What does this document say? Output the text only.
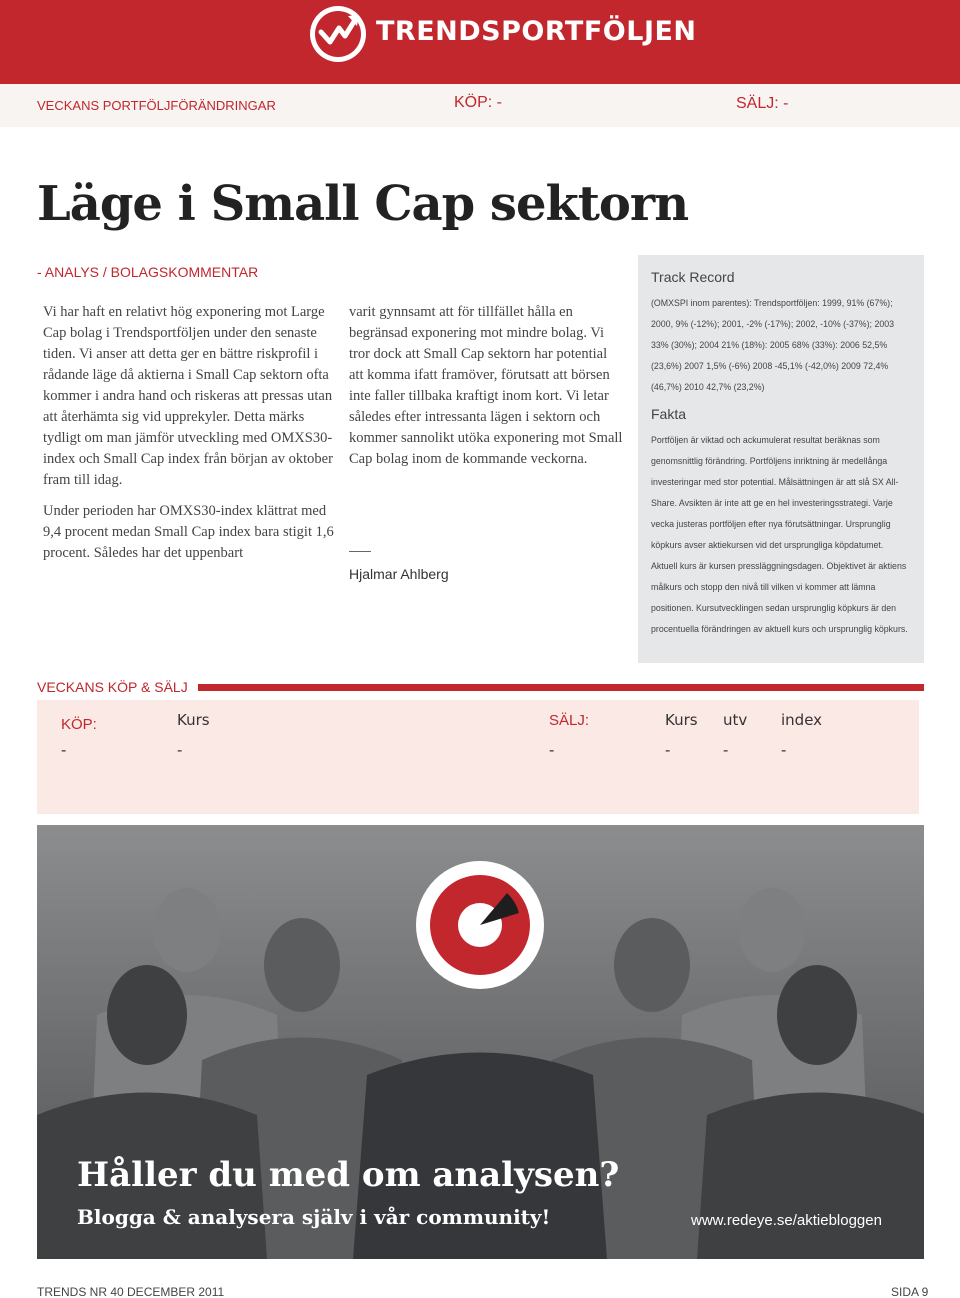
TRENDSPORTFÖLJEN
VECKANS PORTFÖLJFÖRÄNDRINGAR	KÖP: -	SÄLJ: -
Läge i Small Cap sektorn
- ANALYS / BOLAGSKOMMENTAR

Vi har haft en relativt hög exponering mot Large Cap bolag i Trendsportföljen under den senaste tiden. Vi anser att detta ger en bättre riskprofil i rådande läge då aktierna i Small Cap sektorn ofta kommer i andra hand och riskeras att pressas utan att återhämta sig vid upprekyler. Detta märks tydligt om man jämför utveckling med OMXS30-index och Small Cap index från början av oktober fram till idag.

Under perioden har OMXS30-index klättrat med 9,4 procent medan Small Cap index bara stigit 1,6 procent. Således har det uppenbart

varit gynnsamt att för tillfället hålla en begränsad exponering mot mindre bolag. Vi tror dock att Small Cap sektorn har potential att komma ifatt framöver, förutsatt att börsen inte faller tillbaka kraftigt inom kort. Vi letar således efter intressanta lägen i sektorn och kommer sannolikt utöka exponering mot Small Cap bolag inom de kommande veckorna.

Hjalmar Ahlberg
Track Record
(OMXSPI inom parentes): Trendsportföljen: 1999, 91% (67%); 2000, 9% (-12%); 2001, -2% (-17%); 2002, -10% (-37%); 2003 33% (30%); 2004 21% (18%): 2005 68% (33%): 2006 52,5% (23,6%) 2007 1,5% (-6%) 2008 -45,1% (-42,0%) 2009 72,4% (46,7%) 2010 42,7% (23,2%)
Fakta
Portföljen är viktad och ackumulerat resultat beräknas som genomsnittlig förändring. Portföljens inriktning är medellånga investeringar med stor potential. Målsättningen är att slå SX All-Share. Avsikten är inte att ge en hel investeringsstrategi. Varje vecka justeras portföljen efter nya förutsättningar. Ursprunglig köpkurs avser aktiekursen vid det ursprungliga köpdatumet. Aktuell kurs är kursen pressläggningsdagen. Objektivet är aktiens målkurs och stopp den nivå till vilken vi kommer att lämna positionen. Kursutvecklingen sedan ursprunglig köpkurs är den procentuella förändringen av aktuell kurs och ursprunglig köpkurs.
VECKANS KÖP & SÄLJ
KÖP:	Kurs
-	-
SÄLJ:	Kurs utv index
-	-	-	-
Håller du med om analysen?
Blogga & analysera själv i vår community!	www.redeye.se/aktiebloggen
TRENDS NR 40 DECEMBER 2011	SIDA 9
